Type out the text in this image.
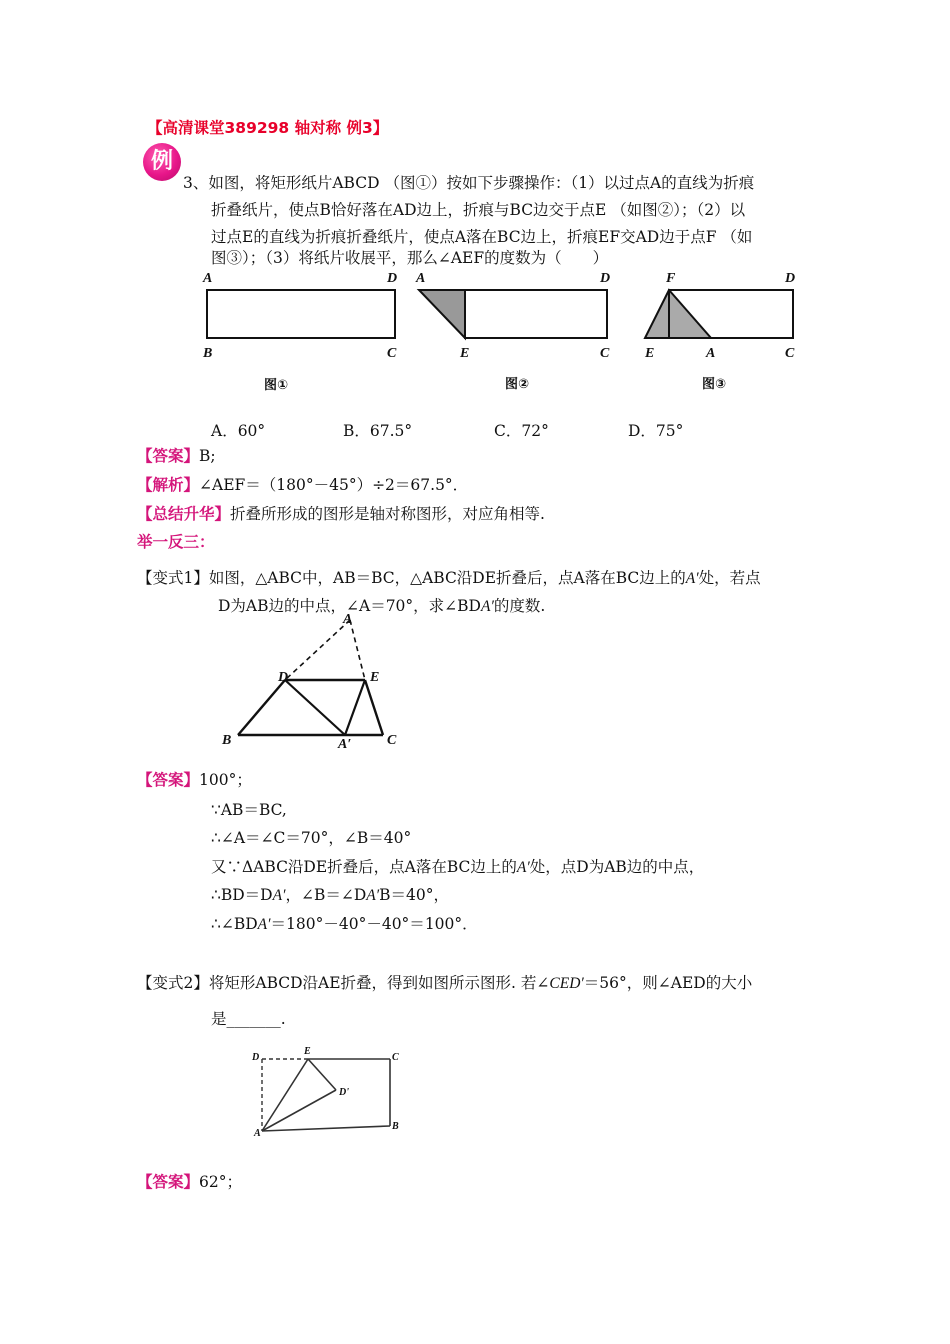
【高清课堂389298 轴对称 例3】
例
3、如图，将矩形纸片ABCD （图①）按如下步骤操作：（1）以过点A的直线为折痕
折叠纸片，使点B恰好落在AD边上，折痕与BC边交于点E （如图②）；（2）以
过点E的直线为折痕折叠纸片，使点A落在BC边上，折痕EF交AD边于点F （如
图③）；（3）将纸片收展平，那么∠AEF的度数为（　　）
A	D
B	C
图①
A	D
E	C
图②
F	D
E	A	C
图③
A．60°	B．67.5°	C．72°	D．75°
【答案】B;
【解析】∠AEF＝（180°－45°）÷2＝67.5°．
【总结升华】折叠所形成的图形是轴对称图形，对应角相等.
举一反三：
【变式1】如图，△ABC中，AB＝BC，△ABC沿DE折叠后，点A落在BC边上的A′处，若点
D为AB边的中点，∠A＝70°，求∠BDA′的度数.
A
D	E
B	A′	C
【答案】100°；
∵AB＝BC,
∴∠A＝∠C＝70°，∠B＝40°
又∵ΔABC沿DE折叠后，点A落在BC边上的A′处，点D为AB边的中点，
∴BD＝DA′，∠B＝∠DA′B＝40°，
∴∠BDA′＝180°－40°－40°＝100°．
【变式2】将矩形ABCD沿AE折叠，得到如图所示图形. 若∠CED′＝56°，则∠AED的大小
是_______.
D
E
C
D'
A
B
【答案】62°；
